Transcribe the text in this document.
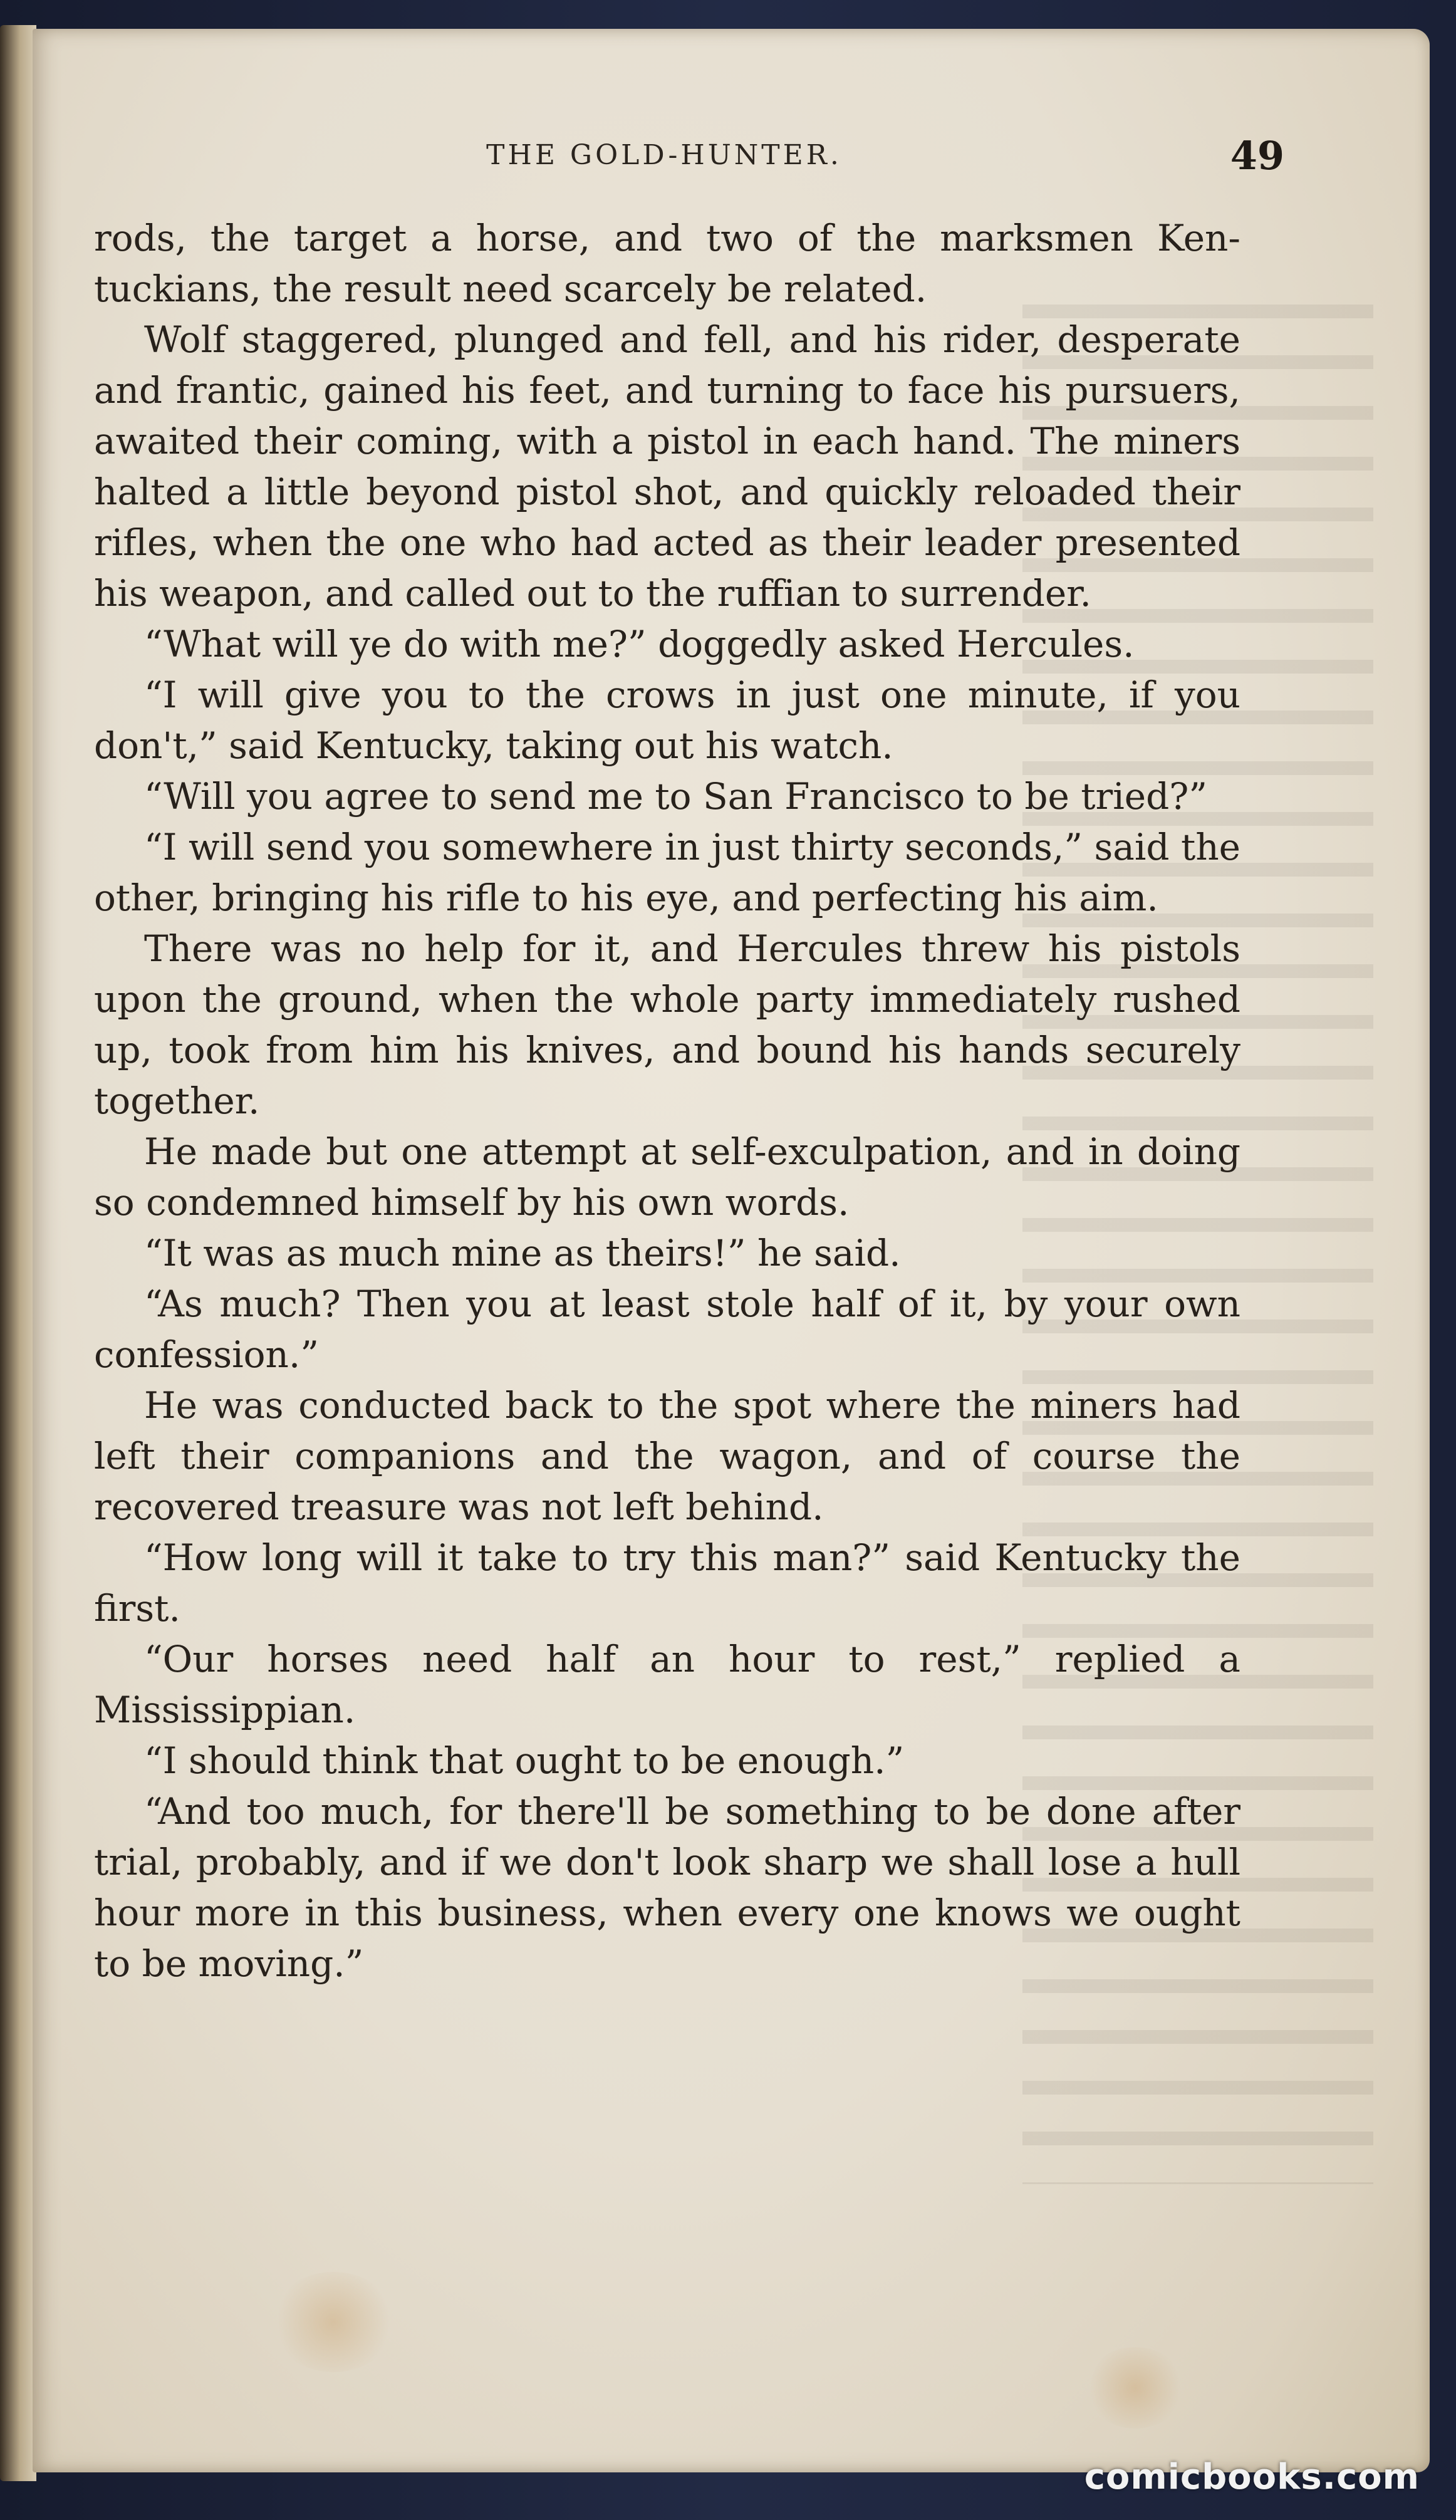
THE GOLD-HUNTER.	49

rods, the target a horse, and two of the marksmen Ken-tuckians, the result need scarcely be related.

Wolf staggered, plunged and fell, and his rider, desperate and frantic, gained his feet, and turning to face his pursuers, awaited their coming, with a pistol in each hand. The miners halted a little beyond pistol shot, and quickly reloaded their rifles, when the one who had acted as their leader presented his weapon, and called out to the ruffian to surrender.

“What will ye do with me?” doggedly asked Hercules.

“I will give you to the crows in just one minute, if you don't,” said Kentucky, taking out his watch.

“Will you agree to send me to San Francisco to be tried?”

“I will send you somewhere in just thirty seconds,” said the other, bringing his rifle to his eye, and perfecting his aim.

There was no help for it, and Hercules threw his pistols upon the ground, when the whole party immediately rushed up, took from him his knives, and bound his hands securely together.

He made but one attempt at self-exculpation, and in doing so condemned himself by his own words.

“It was as much mine as theirs!” he said.

“As much? Then you at least stole half of it, by your own confession.”

He was conducted back to the spot where the miners had left their companions and the wagon, and of course the recovered treasure was not left behind.

“How long will it take to try this man?” said Kentucky the first.

“Our horses need half an hour to rest,” replied a Mississippian.

“I should think that ought to be enough.”

“And too much, for there'll be something to be done after trial, probably, and if we don't look sharp we shall lose a hull hour more in this business, when every one knows we ought to be moving.”

comicbooks.com
